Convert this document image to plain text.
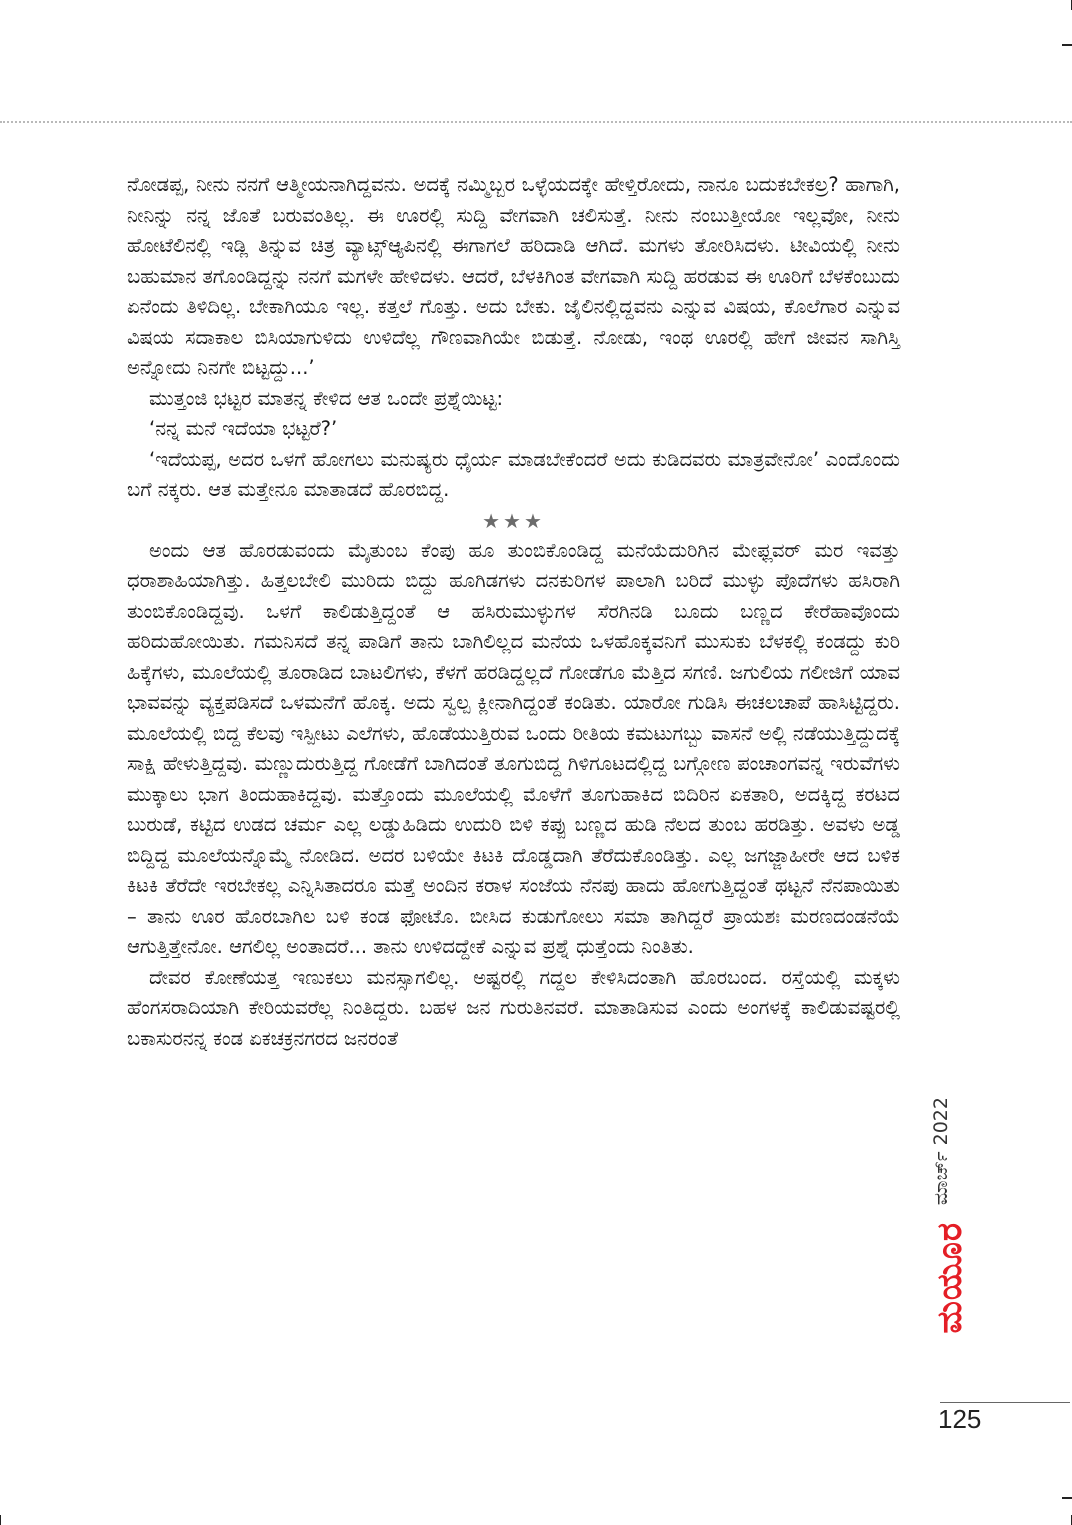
ನೋಡಪ್ಪ, ನೀನು ನನಗೆ ಆತ್ಮೀಯನಾಗಿದ್ದವನು. ಅದಕ್ಕೆ ನಮ್ಮಿಬ್ಬರ ಒಳ್ಳೆಯದಕ್ಕೇ ಹೇಳ್ತಿರೋದು, ನಾನೂ ಬದುಕಬೇಕಲ್ರ? ಹಾಗಾಗಿ, ನೀನಿನ್ನು ನನ್ನ ಜೊತೆ ಬರುವಂತಿಲ್ಲ. ಈ ಊರಲ್ಲಿ ಸುದ್ದಿ ವೇಗವಾಗಿ ಚಲಿಸುತ್ತೆ. ನೀನು ನಂಬುತ್ತೀಯೋ ಇಲ್ಲವೋ, ನೀನು ಹೋಟೆಲಿನಲ್ಲಿ ಇಡ್ಲಿ ತಿನ್ನುವ ಚಿತ್ರ ವ್ಯಾಟ್ಸ್‌ಆ್ಯಪಿನಲ್ಲಿ ಈಗಾಗಲೆ ಹರಿದಾಡಿ ಆಗಿದೆ. ಮಗಳು ತೋರಿಸಿದಳು. ಟೀವಿಯಲ್ಲಿ ನೀನು ಬಹುಮಾನ ತಗೊಂಡಿದ್ದನ್ನು ನನಗೆ ಮಗಳೇ ಹೇಳಿದಳು. ಆದರೆ, ಬೆಳಕಿಗಿಂತ ವೇಗವಾಗಿ ಸುದ್ದಿ ಹರಡುವ ಈ ಊರಿಗೆ ಬೆಳಕೆಂಬುದು ಏನೆಂದು ತಿಳಿದಿಲ್ಲ. ಬೇಕಾಗಿಯೂ ಇಲ್ಲ. ಕತ್ತಲೆ ಗೊತ್ತು. ಅದು ಬೇಕು. ಜೈಲಿನಲ್ಲಿದ್ದವನು ಎನ್ನುವ ವಿಷಯ, ಕೊಲೆಗಾರ ಎನ್ನುವ ವಿಷಯ ಸದಾಕಾಲ ಬಿಸಿಯಾಗುಳಿದು ಉಳಿದೆಲ್ಲ ಗೌಣವಾಗಿಯೇ ಬಿಡುತ್ತೆ. ನೋಡು, ಇಂಥ ಊರಲ್ಲಿ ಹೇಗೆ ಜೀವನ ಸಾಗಿಸ್ತಿ ಅನ್ನೋದು ನಿನಗೇ ಬಿಟ್ಟದ್ದು...’

ಮುತ್ತಂಜಿ ಭಟ್ಟರ ಮಾತನ್ನ ಕೇಳಿದ ಆತ ಒಂದೇ ಪ್ರಶ್ನೆಯಿಟ್ಟ:

‘ನನ್ನ ಮನೆ ಇದೆಯಾ ಭಟ್ಟರೆ?’

‘ಇದೆಯಪ್ಪ, ಅದರ ಒಳಗೆ ಹೋಗಲು ಮನುಷ್ಯರು ಧೈರ್ಯ ಮಾಡಬೇಕೆಂದರೆ ಅದು ಕುಡಿದವರು ಮಾತ್ರವೇನೋ’ ಎಂದೊಂದು ಬಗೆ ನಕ್ಕರು. ಆತ ಮತ್ತೇನೂ ಮಾತಾಡದೆ ಹೊರಬಿದ್ದ.

★★★

ಅಂದು ಆತ ಹೊರಡುವಂದು ಮೈತುಂಬ ಕೆಂಪು ಹೂ ತುಂಬಿಕೊಂಡಿದ್ದ ಮನೆಯೆದುರಿಗಿನ ಮೇಫ್ಲವರ್ ಮರ ಇವತ್ತು ಧರಾಶಾಹಿಯಾಗಿತ್ತು. ಹಿತ್ತಲಬೇಲಿ ಮುರಿದು ಬಿದ್ದು ಹೂಗಿಡಗಳು ದನಕುರಿಗಳ ಪಾಲಾಗಿ ಬರಿದೆ ಮುಳ್ಳು ಪೊದೆಗಳು ಹಸಿರಾಗಿ ತುಂಬಿಕೊಂಡಿದ್ದವು. ಒಳಗೆ ಕಾಲಿಡುತ್ತಿದ್ದಂತೆ ಆ ಹಸಿರುಮುಳ್ಳುಗಳ ಸೆರಗಿನಡಿ ಬೂದು ಬಣ್ಣದ ಕೇರೆಹಾವೊಂದು ಹರಿದುಹೋಯಿತು. ಗಮನಿಸದೆ ತನ್ನ ಪಾಡಿಗೆ ತಾನು ಬಾಗಿಲಿಲ್ಲದ ಮನೆಯ ಒಳಹೊಕ್ಕವನಿಗೆ ಮುಸುಕು ಬೆಳಕಲ್ಲಿ ಕಂಡದ್ದು ಕುರಿ ಹಿಕ್ಕೆಗಳು, ಮೂಲೆಯಲ್ಲಿ ತೂರಾಡಿದ ಬಾಟಲಿಗಳು, ಕೆಳಗೆ ಹರಡಿದ್ದಲ್ಲದೆ ಗೋಡೆಗೂ ಮೆತ್ತಿದ ಸಗಣಿ. ಜಗುಲಿಯ ಗಲೀಜಿಗೆ ಯಾವ ಭಾವವನ್ನು ವ್ಯಕ್ತಪಡಿಸದೆ ಒಳಮನೆಗೆ ಹೊಕ್ಕ. ಅದು ಸ್ವಲ್ಪ ಕ್ಲೀನಾಗಿದ್ದಂತೆ ಕಂಡಿತು. ಯಾರೋ ಗುಡಿಸಿ ಈಚಲಚಾಪೆ ಹಾಸಿಟ್ಟಿದ್ದರು. ಮೂಲೆಯಲ್ಲಿ ಬಿದ್ದ ಕೆಲವು ಇಸ್ಪೀಟು ಎಲೆಗಳು, ಹೊಡೆಯುತ್ತಿರುವ ಒಂದು ರೀತಿಯ ಕಮಟುಗಬ್ಬು ವಾಸನೆ ಅಲ್ಲಿ ನಡೆಯುತ್ತಿದ್ದುದಕ್ಕೆ ಸಾಕ್ಷಿ ಹೇಳುತ್ತಿದ್ದವು. ಮಣ್ಣುದುರುತ್ತಿದ್ದ ಗೋಡೆಗೆ ಬಾಗಿದಂತೆ ತೂಗುಬಿದ್ದ ಗಿಳಿಗೂಟದಲ್ಲಿದ್ದ ಬಗ್ಗೋಣ ಪಂಚಾಂಗವನ್ನ ಇರುವೆಗಳು ಮುಕ್ಕಾಲು ಭಾಗ ತಿಂದುಹಾಕಿದ್ದವು. ಮತ್ತೊಂದು ಮೂಲೆಯಲ್ಲಿ ಮೊಳೆಗೆ ತೂಗುಹಾಕಿದ ಬಿದಿರಿನ ಏಕತಾರಿ, ಅದಕ್ಕಿದ್ದ ಕರಟದ ಬುರುಡೆ, ಕಟ್ಟಿದ ಉಡದ ಚರ್ಮ ಎಲ್ಲ ಲಡ್ಡುಹಿಡಿದು ಉದುರಿ ಬಿಳಿ ಕಪ್ಪು ಬಣ್ಣದ ಹುಡಿ ನೆಲದ ತುಂಬ ಹರಡಿತ್ತು. ಅವಳು ಅಡ್ಡ ಬಿದ್ದಿದ್ದ ಮೂಲೆಯನ್ನೊಮ್ಮೆ ನೋಡಿದ. ಅದರ ಬಳಿಯೇ ಕಿಟಕಿ ದೊಡ್ಡದಾಗಿ ತೆರೆದುಕೊಂಡಿತ್ತು. ಎಲ್ಲ ಜಗಜ್ಜಾಹೀರೇ ಆದ ಬಳಿಕ ಕಿಟಕಿ ತೆರೆದೇ ಇರಬೇಕಲ್ಲ ಎನ್ನಿಸಿತಾದರೂ ಮತ್ತೆ ಅಂದಿನ ಕರಾಳ ಸಂಜೆಯ ನೆನಪು ಹಾದು ಹೋಗುತ್ತಿದ್ದಂತೆ ಥಟ್ಟನೆ ನೆನಪಾಯಿತು – ತಾನು ಊರ ಹೊರಬಾಗಿಲ ಬಳಿ ಕಂಡ ಫೋಟೊ. ಬೀಸಿದ ಕುಡುಗೋಲು ಸಮಾ ತಾಗಿದ್ದರೆ ಪ್ರಾಯಶಃ ಮರಣದಂಡನೆಯೆ ಆಗುತ್ತಿತ್ತೇನೋ. ಆಗಲಿಲ್ಲ ಅಂತಾದರೆ... ತಾನು ಉಳಿದದ್ದೇಕೆ ಎನ್ನುವ ಪ್ರಶ್ನೆ ಧುತ್ತೆಂದು ನಿಂತಿತು.

ದೇವರ ಕೋಣೆಯತ್ತ ಇಣುಕಲು ಮನಸ್ಸಾಗಲಿಲ್ಲ. ಅಷ್ಟರಲ್ಲಿ ಗದ್ದಲ ಕೇಳಿಸಿದಂತಾಗಿ ಹೊರಬಂದ. ರಸ್ತೆಯಲ್ಲಿ ಮಕ್ಕಳು ಹೆಂಗಸರಾದಿಯಾಗಿ ಕೇರಿಯವರೆಲ್ಲ ನಿಂತಿದ್ದರು. ಬಹಳ ಜನ ಗುರುತಿನವರೆ. ಮಾತಾಡಿಸುವ ಎಂದು ಅಂಗಳಕ್ಕೆ ಕಾಲಿಡುವಷ್ಟರಲ್ಲಿ ಬಕಾಸುರನನ್ನ ಕಂಡ ಏಕಚಕ್ರನಗರದ ಜನರಂತೆ

ಮಾರ್ಚ್ 2022
ಮಯೂರ
125
